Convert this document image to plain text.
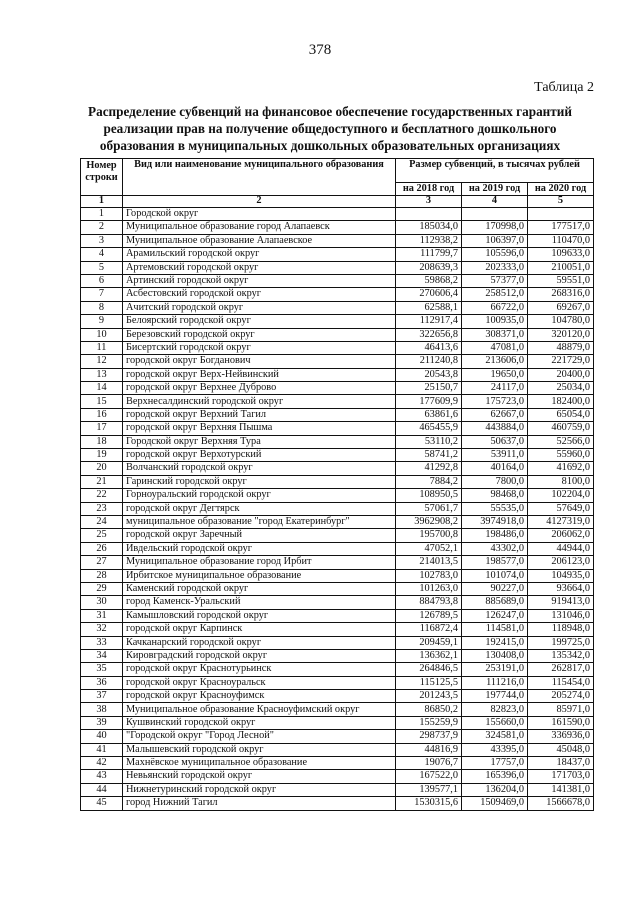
378
Таблица 2
Распределение субвенций на финансовое обеспечение государственных гарантий
реализации прав на получение общедоступного и бесплатного дошкольного
образования в муниципальных дошкольных образовательных организациях
Номер
строки	Вид или наименование муниципального образования	Размер субвенций, в тысячах рублей		
		на 2018 год	на 2019 год	на 2020 год
1	2	3	4	5
1	Городской округ			
2	Муниципальное образование город Алапаевск	185034,0	170998,0	177517,0
3	Муниципальное образование Алапаевское	112938,2	106397,0	110470,0
4	Арамильский городской округ	111799,7	105596,0	109633,0
5	Артемовский городской округ	208639,3	202333,0	210051,0
6	Артинский городской округ	59868,2	57377,0	59551,0
7	Асбестовский городской округ	270606,4	258512,0	268316,0
8	Ачитский городской округ	62588,1	66722,0	69267,0
9	Белоярский городской округ	112917,4	100935,0	104780,0
10	Березовский городской округ	322656,8	308371,0	320120,0
11	Бисертский городской округ	46413,6	47081,0	48879,0
12	городской округ Богданович	211240,8	213606,0	221729,0
13	городской округ Верх-Нейвинский	20543,8	19650,0	20400,0
14	городской округ Верхнее Дуброво	25150,7	24117,0	25034,0
15	Верхнесалдинский городской округ	177609,9	175723,0	182400,0
16	городской округ Верхний Тагил	63861,6	62667,0	65054,0
17	городской округ Верхняя Пышма	465455,9	443884,0	460759,0
18	Городской округ Верхняя Тура	53110,2	50637,0	52566,0
19	городской округ Верхотурский	58741,2	53911,0	55960,0
20	Волчанский городской округ	41292,8	40164,0	41692,0
21	Гаринский городской округ	7884,2	7800,0	8100,0
22	Горноуральский городской округ	108950,5	98468,0	102204,0
23	городской округ Дегтярск	57061,7	55535,0	57649,0
24	муниципальное образование "город Екатеринбург"	3962908,2	3974918,0	4127319,0
25	городской округ Заречный	195700,8	198486,0	206062,0
26	Ивдельский городской округ	47052,1	43302,0	44944,0
27	Муниципальное образование город Ирбит	214013,5	198577,0	206123,0
28	Ирбитское муниципальное образование	102783,0	101074,0	104935,0
29	Каменский городской округ	101263,0	90227,0	93664,0
30	город Каменск-Уральский	884793,8	885689,0	919413,0
31	Камышловский городской округ	126789,5	126247,0	131046,0
32	городской округ Карпинск	116872,4	114581,0	118948,0
33	Качканарский городской округ	209459,1	192415,0	199725,0
34	Кировградский городской округ	136362,1	130408,0	135342,0
35	городской округ Краснотурьинск	264846,5	253191,0	262817,0
36	городской округ Красноуральск	115125,5	111216,0	115454,0
37	городской округ Красноуфимск	201243,5	197744,0	205274,0
38	Муниципальное образование Красноуфимский округ	86850,2	82823,0	85971,0
39	Кушвинский городской округ	155259,9	155660,0	161590,0
40	"Городской округ "Город Лесной"	298737,9	324581,0	336936,0
41	Малышевский городской округ	44816,9	43395,0	45048,0
42	Махнёвское муниципальное образование	19076,7	17757,0	18437,0
43	Невьянский городской округ	167522,0	165396,0	171703,0
44	Нижнетуринский городской округ	139577,1	136204,0	141381,0
45	город Нижний Тагил	1530315,6	1509469,0	1566678,0
